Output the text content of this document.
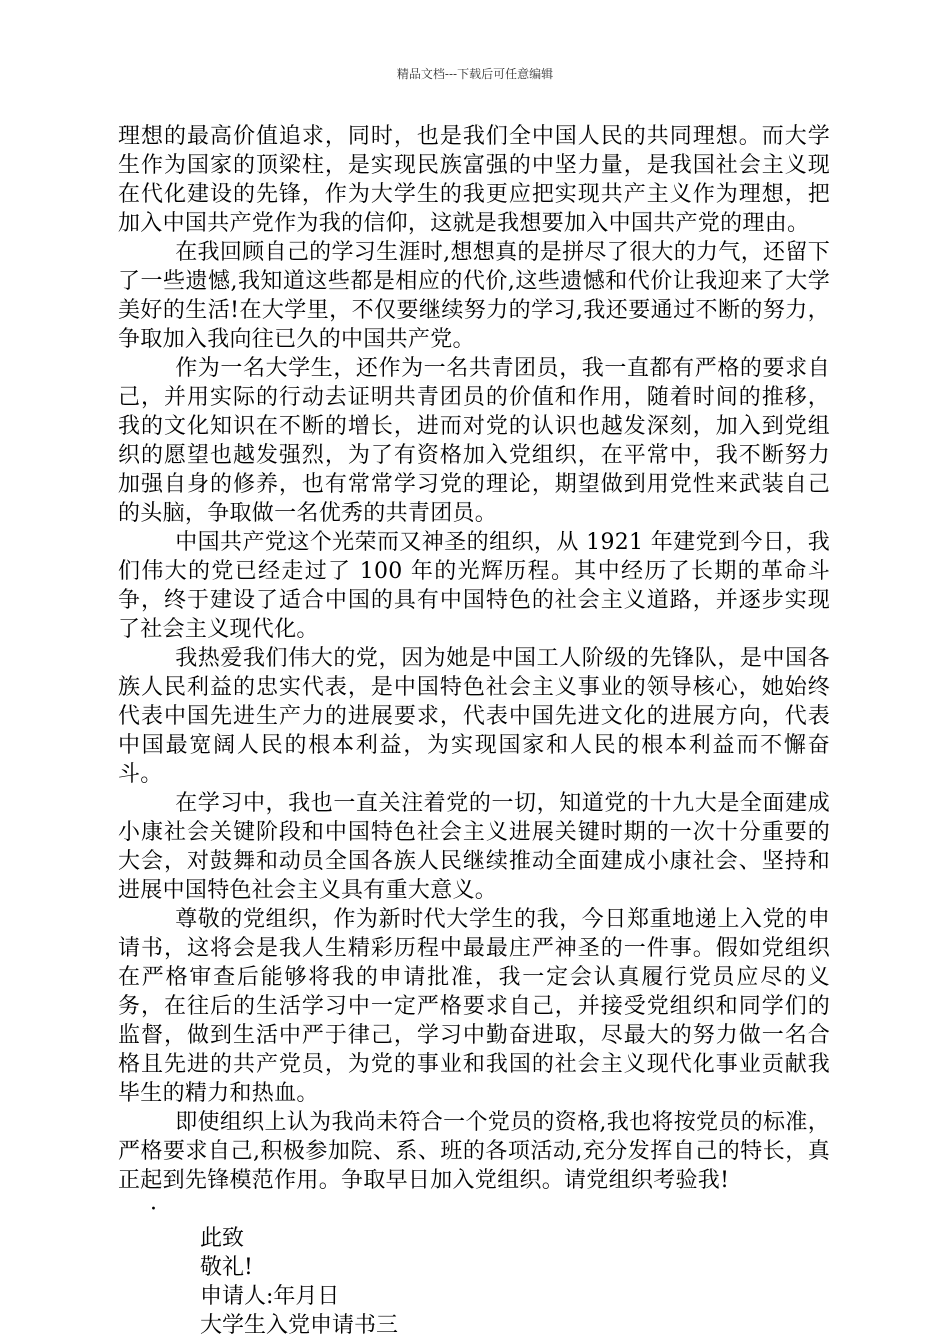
精品文档---下载后可任意编辑

理想的最高价值追求，同时，也是我们全中国人民的共同理想。而大学生作为国家的顶梁柱，是实现民族富强的中坚力量，是我国社会主义现在代化建设的先锋，作为大学生的我更应把实现共产主义作为理想，把加入中国共产党作为我的信仰，这就是我想要加入中国共产党的理由。

在我回顾自己的学习生涯时,想想真的是拼尽了很大的力气，还留下了一些遗憾,我知道这些都是相应的代价,这些遗憾和代价让我迎来了大学美好的生活!在大学里，不仅要继续努力的学习,我还要通过不断的努力，争取加入我向往已久的中国共产党。

作为一名大学生，还作为一名共青团员，我一直都有严格的要求自己，并用实际的行动去证明共青团员的价值和作用，随着时间的推移，我的文化知识在不断的增长，进而对党的认识也越发深刻，加入到党组织的愿望也越发强烈，为了有资格加入党组织，在平常中，我不断努力加强自身的修养，也有常常学习党的理论，期望做到用党性来武装自己的头脑，争取做一名优秀的共青团员。

中国共产党这个光荣而又神圣的组织，从 1921 年建党到今日，我们伟大的党已经走过了 100 年的光辉历程。其中经历了长期的革命斗争，终于建设了适合中国的具有中国特色的社会主义道路，并逐步实现了社会主义现代化。

我热爱我们伟大的党，因为她是中国工人阶级的先锋队，是中国各族人民利益的忠实代表，是中国特色社会主义事业的领导核心，她始终代表中国先进生产力的进展要求，代表中国先进文化的进展方向，代表中国最宽阔人民的根本利益，为实现国家和人民的根本利益而不懈奋斗。

在学习中，我也一直关注着党的一切，知道党的十九大是全面建成小康社会关键阶段和中国特色社会主义进展关键时期的一次十分重要的大会，对鼓舞和动员全国各族人民继续推动全面建成小康社会、坚持和进展中国特色社会主义具有重大意义。

尊敬的党组织，作为新时代大学生的我，今日郑重地递上入党的申请书，这将会是我人生精彩历程中最最庄严神圣的一件事。假如党组织在严格审查后能够将我的申请批准，我一定会认真履行党员应尽的义务，在往后的生活学习中一定严格要求自己，并接受党组织和同学们的监督，做到生活中严于律己，学习中勤奋进取，尽最大的努力做一名合格且先进的共产党员，为党的事业和我国的社会主义现代化事业贡献我毕生的精力和热血。

即使组织上认为我尚未符合一个党员的资格,我也将按党员的标准，严格要求自己,积极参加院、系、班的各项活动,充分发挥自己的特长，真正起到先锋模范作用。争取早日加入党组织。请党组织考验我!

·

此致

敬礼!

申请人:年月日

大学生入党申请书三
